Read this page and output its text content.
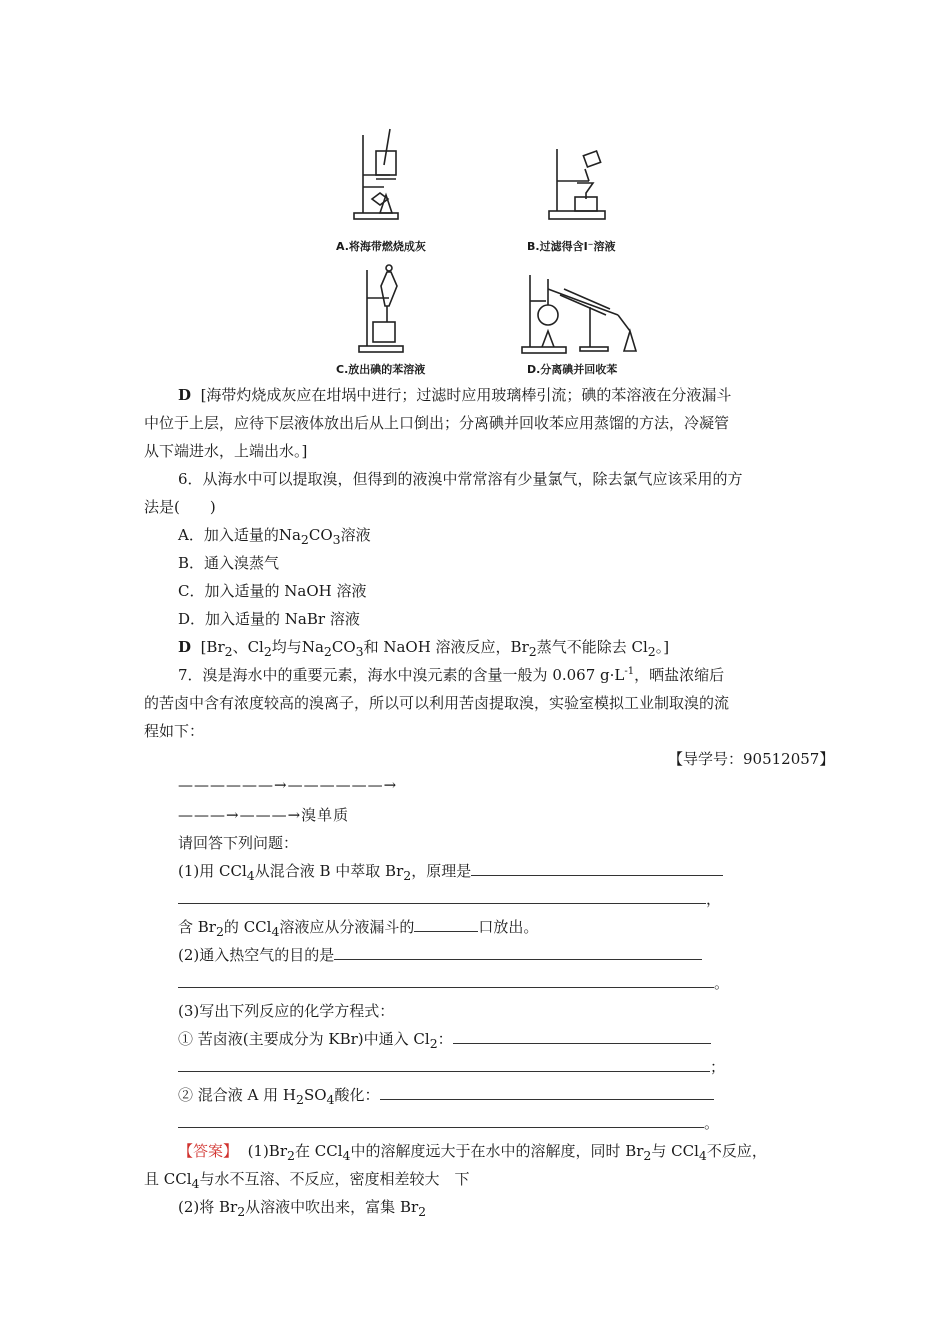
A.将海带燃烧成灰	B.过滤得含I⁻溶液
C.放出碘的苯溶液	D.分离碘并回收苯
D [海带灼烧成灰应在坩埚中进行；过滤时应用玻璃棒引流；碘的苯溶液在分液漏斗
中位于上层，应待下层液体放出后从上口倒出；分离碘并回收苯应用蒸馏的方法，冷凝管
从下端进水，上端出水。]
6．从海水中可以提取溴，但得到的液溴中常常溶有少量氯气，除去氯气应该采用的方
法是(　　)
A．加入适量的$Na_2CO_3$溶液
B．通入溴蒸气
C．加入适量的 NaOH 溶液
D．加入适量的 NaBr 溶液
D [$Br_2$、$Cl_2$均与$Na_2CO_3$和 NaOH 溶液反应，$Br_2$蒸气不能除去 $Cl_2$。]
7．溴是海水中的重要元素，海水中溴元素的含量一般为 0.067 $g\cdot L^{-1}$，晒盐浓缩后
的苦卤中含有浓度较高的溴离子，所以可以利用苦卤提取溴，实验室模拟工业制取溴的流
程如下：
【导学号：90512057】
——————→——————→
———→———→溴单质
请回答下列问题：
(1)用 CCl$_4$从混合液 B 中萃取 $Br_2$，原理是
，
含 $Br_2$的 CCl$_4$溶液应从分液漏斗的	口放出。
(2)通入热空气的目的是
。
(3)写出下列反应的化学方程式：
① 苦卤液(主要成分为 KBr)中通入 $Cl_2$：
；
② 混合液 A 用 $H_2SO_4$酸化：
。
【答案】 $(1)Br_2$在 CCl$_4$中的溶解度远大于在水中的溶解度，同时 $Br_2$与 CCl$_4$不反应，
且 CCl$_4$与水不互溶、不反应，密度相差较大　下
(2)将 $Br_2$从溶液中吹出来，富集 $Br_2$
